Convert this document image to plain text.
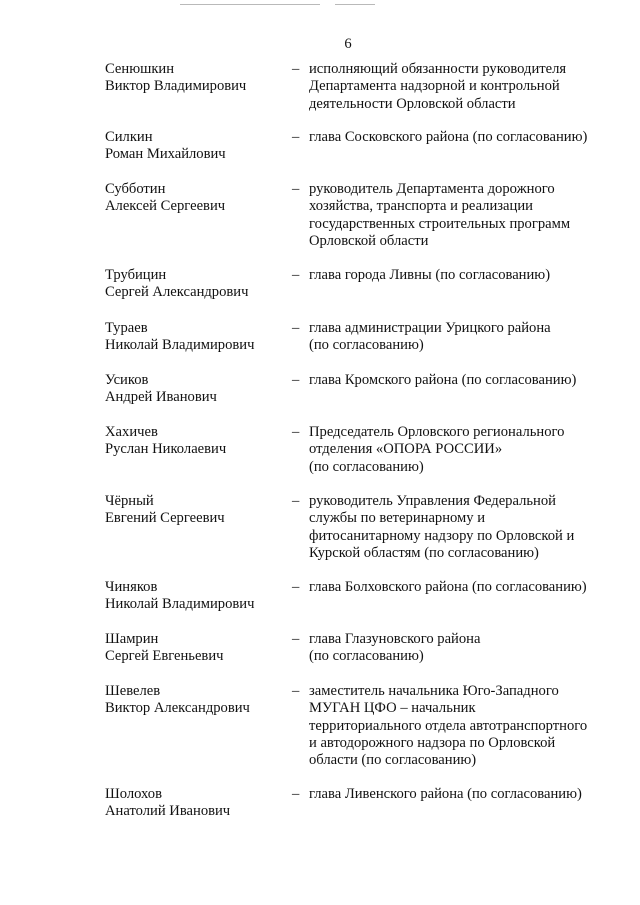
6
Сенюшкин
Виктор Владимирович
– исполняющий обязанности руководителя
Департамента надзорной и контрольной
деятельности Орловской области
Силкин
Роман Михайлович
– глава Сосковского района (по согласованию)
Субботин
Алексей Сергеевич
– руководитель Департамента дорожного
хозяйства, транспорта и реализации
государственных строительных программ
Орловской области
Трубицин
Сергей Александрович
– глава города Ливны (по согласованию)
Тураев
Николай Владимирович
– глава администрации Урицкого района
(по согласованию)
Усиков
Андрей Иванович
– глава Кромского района (по согласованию)
Хахичев
Руслан Николаевич
– Председатель Орловского регионального
отделения «ОПОРА РОССИИ»
(по согласованию)
Чёрный
Евгений Сергеевич
– руководитель Управления Федеральной
службы по ветеринарному и
фитосанитарному надзору по Орловской и
Курской областям (по согласованию)
Чиняков
Николай Владимирович
– глава Болховского района (по согласованию)
Шамрин
Сергей Евгеньевич
– глава Глазуновского района
(по согласованию)
Шевелев
Виктор Александрович
– заместитель начальника Юго-Западного
МУГАН ЦФО – начальник
территориального отдела автотранспортного
и автодорожного надзора по Орловской
области (по согласованию)
Шолохов
Анатолий Иванович
– глава Ливенского района (по согласованию)
